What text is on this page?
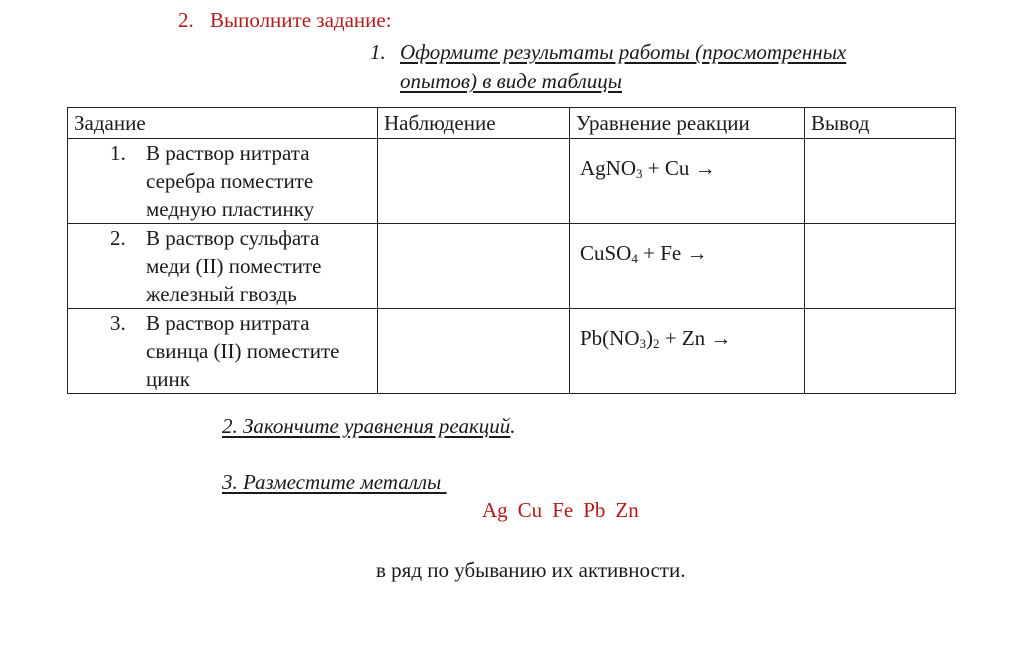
2. Выполните задание:
1. Оформите результаты работы (просмотренных
опытов) в виде таблицы
Задание	Наблюдение	Уравнение реакции	Вывод

1. В раствор нитрата
серебра поместите
медную пластинку		AgNO$_3$ + Cu →	

2. В раствор сульфата
меди (II) поместите
железный гвоздь		CuSO$_4$ + Fe →	

3. В раствор нитрата
свинца (II) поместите
цинк		$Pb(NO_3)_2 + Zn$ →	

2. Закончите уравнения реакций.
3. Разместите металлы
Ag Cu Fe Pb Zn
в ряд по убыванию их активности.
